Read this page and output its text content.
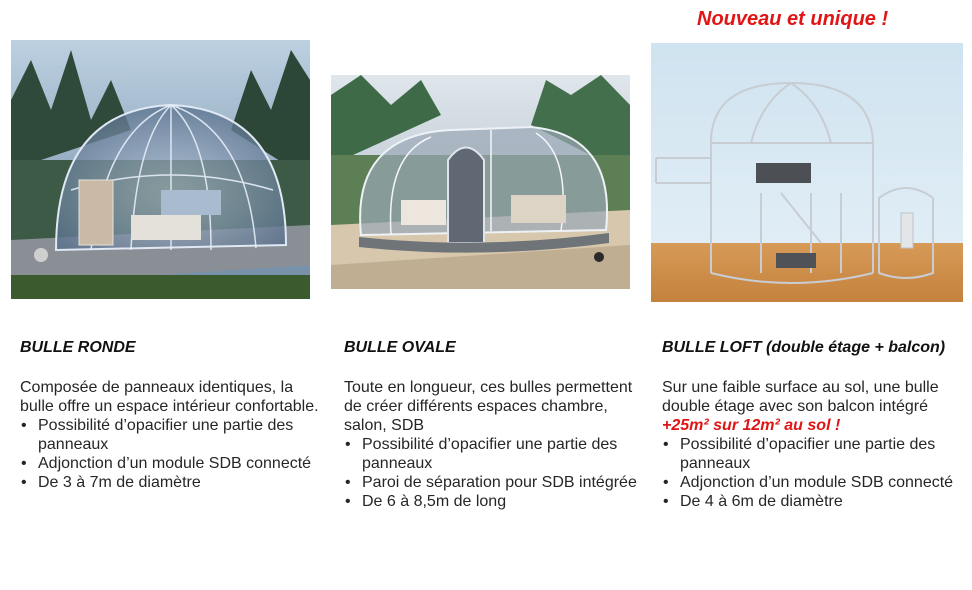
Nouveau et unique !
BULLE RONDE

Composée de panneaux identiques, la bulle offre un espace intérieur confortable.

• Possibilité d’opacifier une partie des panneaux
• Adjonction d’un module SDB connecté
• De 3 à 7m de diamètre
BULLE OVALE

Toute en longueur, ces bulles permettent de créer différents espaces chambre, salon, SDB

• Possibilité d’opacifier une partie des panneaux
• Paroi de séparation pour SDB intégrée
• De 6 à 8,5m de long
BULLE LOFT (double étage + balcon)

Sur une faible surface au sol, une bulle double étage avec son balcon intégré

+25m² sur 12m² au sol !
• Possibilité d’opacifier une partie des panneaux
• Adjonction d’un module SDB connecté
• De 4 à 6m de diamètre
